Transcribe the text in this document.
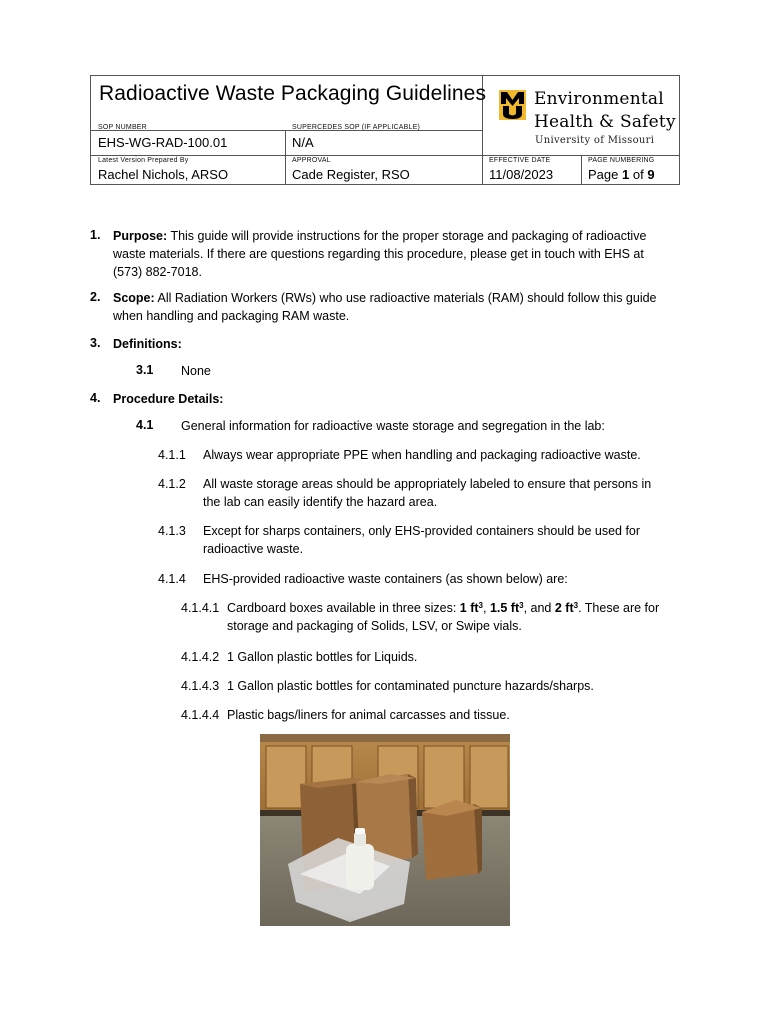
Radioactive Waste Packaging Guidelines
SOP NUMBER
EHS-WG-RAD-100.01
SUPERCEDES SOP (IF APPLICABLE)
N/A
Latest Version Prepared By
Rachel Nichols, ARSO
APPROVAL
Cade Register, RSO
EFFECTIVE DATE
11/08/2023
PAGE NUMBERING
Page 1 of 9
Environmental
Health & Safety
University of Missouri
1. Purpose: This guide will provide instructions for the proper storage and packaging of radioactive
waste materials. If there are questions regarding this procedure, please get in touch with EHS at
(573) 882-7018.
2. Scope: All Radiation Workers (RWs) who use radioactive materials (RAM) should follow this guide
when handling and packaging RAM waste.
3. Definitions:
3.1 None
4. Procedure Details:
4.1 General information for radioactive waste storage and segregation in the lab:
4.1.1 Always wear appropriate PPE when handling and packaging radioactive waste.
4.1.2 All waste storage areas should be appropriately labeled to ensure that persons in
the lab can easily identify the hazard area.
4.1.3 Except for sharps containers, only EHS-provided containers should be used for
radioactive waste.
4.1.4 EHS-provided radioactive waste containers (as shown below) are:
4.1.4.1 Cardboard boxes available in three sizes: 1 $ft^3$, 1.5 $ft^3$, and 2 $ft^3$. These are for
storage and packaging of Solids, LSV, or Swipe vials.
4.1.4.2 1 Gallon plastic bottles for Liquids.
4.1.4.3 1 Gallon plastic bottles for contaminated puncture hazards/sharps.
4.1.4.4 Plastic bags/liners for animal carcasses and tissue.
